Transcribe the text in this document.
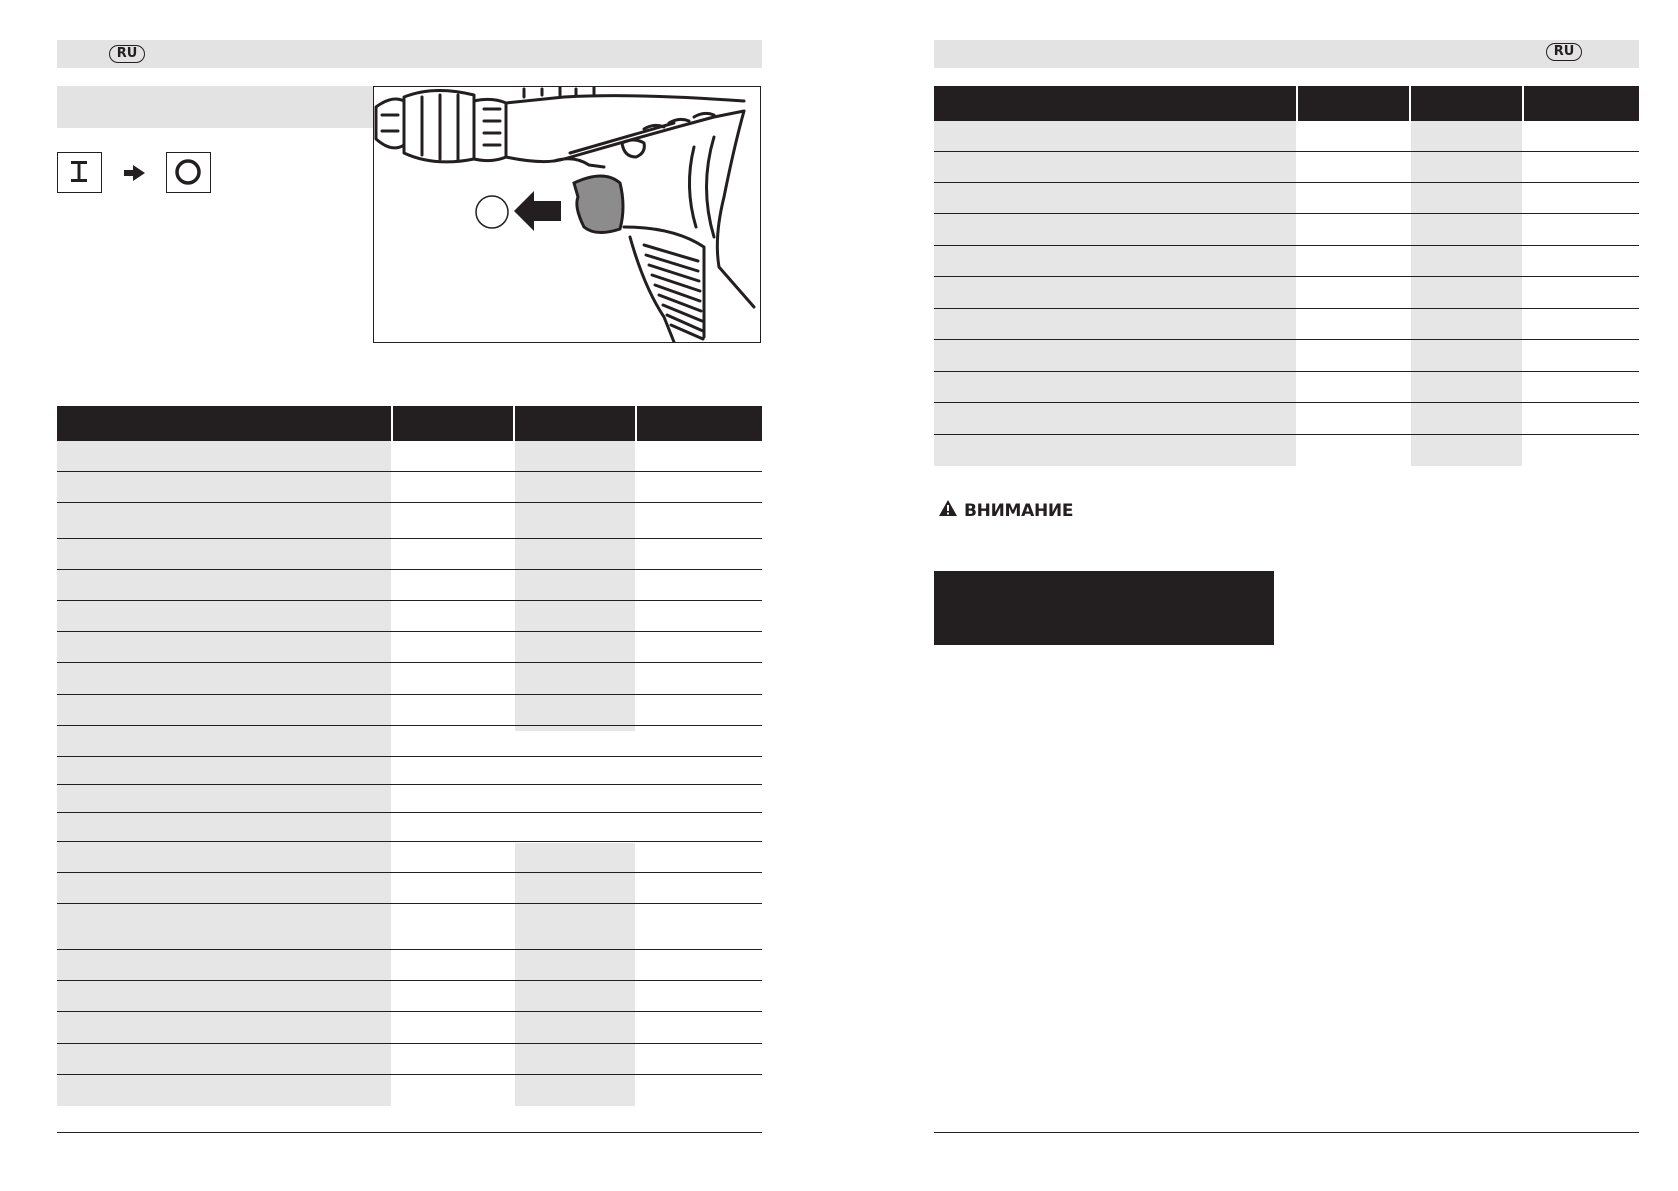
RU	RU
ВНИМАНИЕ
